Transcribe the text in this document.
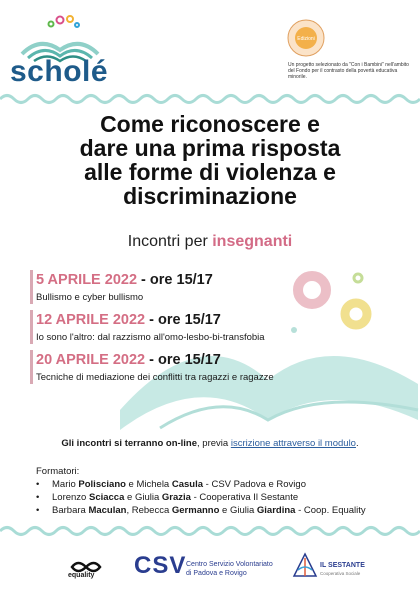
scholé
Edizioni
Un progetto selezionato da "Con i Bambini" nell'ambito del Fondo per il contrasto della povertà educativa minorile.
Come riconoscere e
dare una prima risposta
alle forme di violenza e
discriminazione
Incontri per insegnanti
5 APRILE 2022 - ore 15/17
Bullismo e cyber bullismo
12 APRILE 2022 - ore 15/17
Io sono l'altro: dal razzismo all'omo-lesbo-bi-transfobia
20 APRILE 2022 - ore 15/17
Tecniche di mediazione dei conflitti tra ragazzi e ragazze
Gli incontri si terranno on-line, previa iscrizione attraverso il modulo.
Formatori:
• Mario Polisciano e Michela Casula - CSV Padova e Rovigo
• Lorenzo Sciacca e Giulia Grazia - Cooperativa Il Sestante
• Barbara Maculan, Rebecca Germanno e Giulia Giardina - Coop. Equality
equality CSV Centro Servizio Volontariato
di Padova e Rovigo
IL SESTANTE
Cooperativa Sociale
